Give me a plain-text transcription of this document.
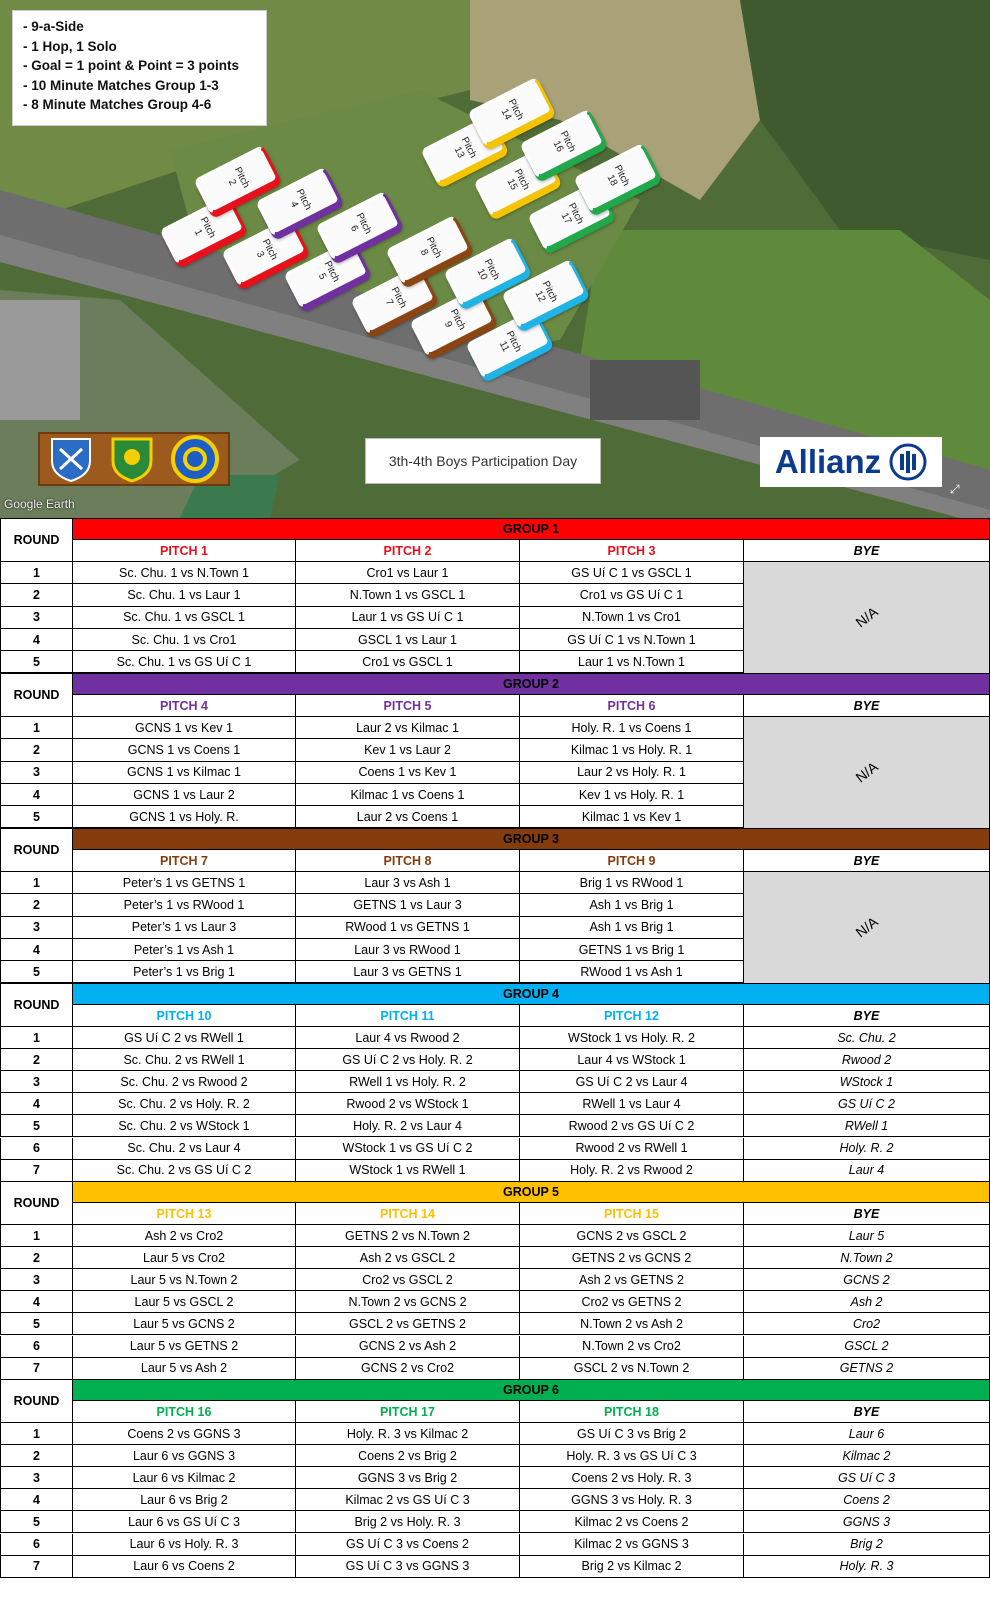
- 9-a-Side
- 1 Hop, 1 Solo
- Goal = 1 point & Point = 3 points
- 10 Minute Matches Group 1-3
- 8 Minute Matches Group 4-6
Pitch
1
Pitch
2
Pitch
3
Pitch
4
Pitch
5
Pitch
6
Pitch
7
Pitch
8
Pitch
9
Pitch
10
Pitch
11
Pitch
12
Pitch
13
Pitch
14
Pitch
15
Pitch
16
Pitch
17
Pitch
18
3th-4th Boys Participation Day	Allianz
Google Earth
⤢
ROUND
GROUP 1
PITCH 1	PITCH 2	PITCH 3	BYE
1	Sc. Chu. 1 vs N.Town 1	Cro1 vs Laur 1	GS Uí C 1 vs GSCL 1
2	Sc. Chu. 1 vs Laur 1	N.Town 1 vs GSCL 1	Cro1 vs GS Uí C 1
3	Sc. Chu. 1 vs GSCL 1	Laur 1 vs GS Uí C 1	N.Town 1 vs Cro1
4	Sc. Chu. 1 vs Cro1	GSCL 1 vs Laur 1	GS Uí C 1 vs N.Town 1
5	Sc. Chu. 1 vs GS Uí C 1	Cro1 vs GSCL 1	Laur 1 vs N.Town 1
N/A
ROUND
GROUP 2
PITCH 4	PITCH 5	PITCH 6	BYE
1	GCNS 1 vs Kev 1	Laur 2 vs Kilmac 1	Holy. R. 1 vs Coens 1
2	GCNS 1 vs Coens 1	Kev 1 vs Laur 2	Kilmac 1 vs Holy. R. 1
3	GCNS 1 vs Kilmac 1	Coens 1 vs Kev 1	Laur 2 vs Holy. R. 1
4	GCNS 1 vs Laur 2	Kilmac 1 vs Coens 1	Kev 1 vs Holy. R. 1
5	GCNS 1 vs Holy. R.	Laur 2 vs Coens 1	Kilmac 1 vs Kev 1
N/A
ROUND
GROUP 3
PITCH 7	PITCH 8	PITCH 9	BYE
1	Peter’s 1 vs GETNS 1	Laur 3 vs Ash 1	Brig 1 vs RWood 1
2	Peter’s 1 vs RWood 1	GETNS 1 vs Laur 3	Ash 1 vs Brig 1
3	Peter’s 1 vs Laur 3	RWood 1 vs GETNS 1	Ash 1 vs Brig 1
4	Peter’s 1 vs Ash 1	Laur 3 vs RWood 1	GETNS 1 vs Brig 1
5	Peter’s 1 vs Brig 1	Laur 3 vs GETNS 1	RWood 1 vs Ash 1
N/A
ROUND
GROUP 4
PITCH 10	PITCH 11	PITCH 12	BYE
1	GS Uí C 2 vs RWell 1	Laur 4 vs Rwood 2	WStock 1 vs Holy. R. 2	Sc. Chu. 2
2	Sc. Chu. 2 vs RWell 1	GS Uí C 2 vs Holy. R. 2	Laur 4 vs WStock 1	Rwood 2
3	Sc. Chu. 2 vs Rwood 2	RWell 1 vs Holy. R. 2	GS Uí C 2 vs Laur 4	WStock 1
4	Sc. Chu. 2 vs Holy. R. 2	Rwood 2 vs WStock 1	RWell 1 vs Laur 4	GS Uí C 2
5	Sc. Chu. 2 vs WStock 1	Holy. R. 2 vs Laur 4	Rwood 2 vs GS Uí C 2	RWell 1
6	Sc. Chu. 2 vs Laur 4	WStock 1 vs GS Uí C 2	Rwood 2 vs RWell 1	Holy. R. 2
7	Sc. Chu. 2 vs GS Uí C 2	WStock 1 vs RWell 1	Holy. R. 2 vs Rwood 2	Laur 4
ROUND
GROUP 5
PITCH 13	PITCH 14	PITCH 15	BYE
1	Ash 2 vs Cro2	GETNS 2 vs N.Town 2	GCNS 2 vs GSCL 2	Laur 5
2	Laur 5 vs Cro2	Ash 2 vs GSCL 2	GETNS 2 vs GCNS 2	N.Town 2
3	Laur 5 vs N.Town 2	Cro2 vs GSCL 2	Ash 2 vs GETNS 2	GCNS 2
4	Laur 5 vs GSCL 2	N.Town 2 vs GCNS 2	Cro2 vs GETNS 2	Ash 2
5	Laur 5 vs GCNS 2	GSCL 2 vs GETNS 2	N.Town 2 vs Ash 2	Cro2
6	Laur 5 vs GETNS 2	GCNS 2 vs Ash 2	N.Town 2 vs Cro2	GSCL 2
7	Laur 5 vs Ash 2	GCNS 2 vs Cro2	GSCL 2 vs N.Town 2	GETNS 2
ROUND
GROUP 6
PITCH 16	PITCH 17	PITCH 18	BYE
1	Coens 2 vs GGNS 3	Holy. R. 3 vs Kilmac 2	GS Uí C 3 vs Brig 2	Laur 6
2	Laur 6 vs GGNS 3	Coens 2 vs Brig 2	Holy. R. 3 vs GS Uí C 3	Kilmac 2
3	Laur 6 vs Kilmac 2	GGNS 3 vs Brig 2	Coens 2 vs Holy. R. 3	GS Uí C 3
4	Laur 6 vs Brig 2	Kilmac 2 vs GS Uí C 3	GGNS 3 vs Holy. R. 3	Coens 2
5	Laur 6 vs GS Uí C 3	Brig 2 vs Holy. R. 3	Kilmac 2 vs Coens 2	GGNS 3
6	Laur 6 vs Holy. R. 3	GS Uí C 3 vs Coens 2	Kilmac 2 vs GGNS 3	Brig 2
7	Laur 6 vs Coens 2	GS Uí C 3 vs GGNS 3	Brig 2 vs Kilmac 2	Holy. R. 3
